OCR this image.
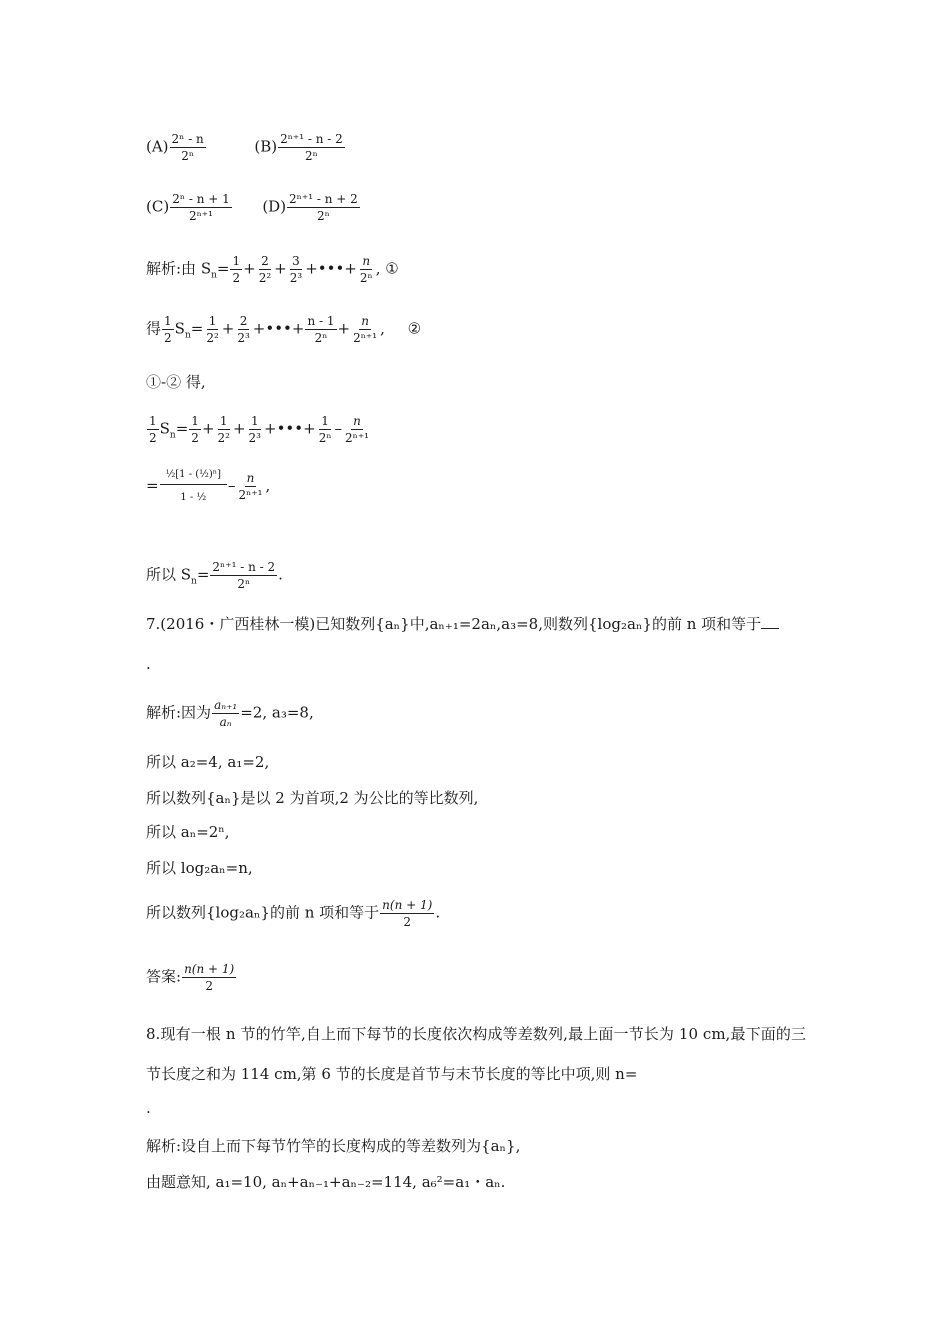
$(A) \frac{\text{2ⁿ - n}}{\text{2ⁿ}}$	$(B) \frac{\text{2ⁿ⁺¹ - n - 2}}{\text{2ⁿ}}$
$(C) \frac{\text{2ⁿ - n + 1}}{\text{2ⁿ⁺¹}} (D) \frac{\text{2ⁿ⁺¹ - n + 2}}{\text{2ⁿ}}$
解析:由 $S_n= \frac{1}{2} + \frac{2}{\text{2²}} + \frac{3}{\text{2³}}$ +•••+ $\frac{n}{\text{2ⁿ}}$ , ①
得 $\frac{1}{2} S_n= \frac{1}{\text{2²}} + \frac{2}{\text{2³}}$ +•••+ $\frac{n - 1}{\text{2ⁿ}} + \frac{n}{\text{2ⁿ⁺¹}}$ , ②
①-② 得,
$\frac{1}{2} S_n= \frac{1}{2} + \frac{1}{\text{2²}} + \frac{1}{\text{2³}}$ +•••+ $\frac{1}{\text{2ⁿ}} - \frac{n}{\text{2ⁿ⁺¹}}$
= $\frac{\text{½[1 - (½)ⁿ]}}{\text{1 - ½}} - \frac{n}{\text{2ⁿ⁺¹}}$ ,
所以 $S_n= \frac{\text{2ⁿ⁺¹ - n - 2}}{\text{2ⁿ}}$ .
7.(2016・广西桂林一模)已知数列{aₙ}中,aₙ₊₁=2aₙ,a₃=8,则数列{log₂aₙ}的前 n 项和等于
.
解析:因为 $\frac{\text{aₙ₊₁}}{\text{aₙ}} =2$, a₃=8,
所以 a₂=4, a₁=2,
所以数列{aₙ}是以 2 为首项,2 为公比的等比数列,
所以 aₙ=2ⁿ,
所以 log₂aₙ=n,
所以数列{log₂aₙ}的前 n 项和等于 $\frac{n(n + 1)}{2}$ .
答案: $\frac{n(n + 1)}{2}$
8.现有一根 n 节的竹竿,自上而下每节的长度依次构成等差数列,最上面一节长为 10 cm,最下面的三节长度之和为 114 cm,第 6 节的长度是首节与末节长度的等比中项,则 n=
.
解析:设自上而下每节竹竿的长度构成的等差数列为{aₙ},
由题意知, a₁=10, aₙ+aₙ₋₁+aₙ₋₂=114, a₆²=a₁・aₙ.
